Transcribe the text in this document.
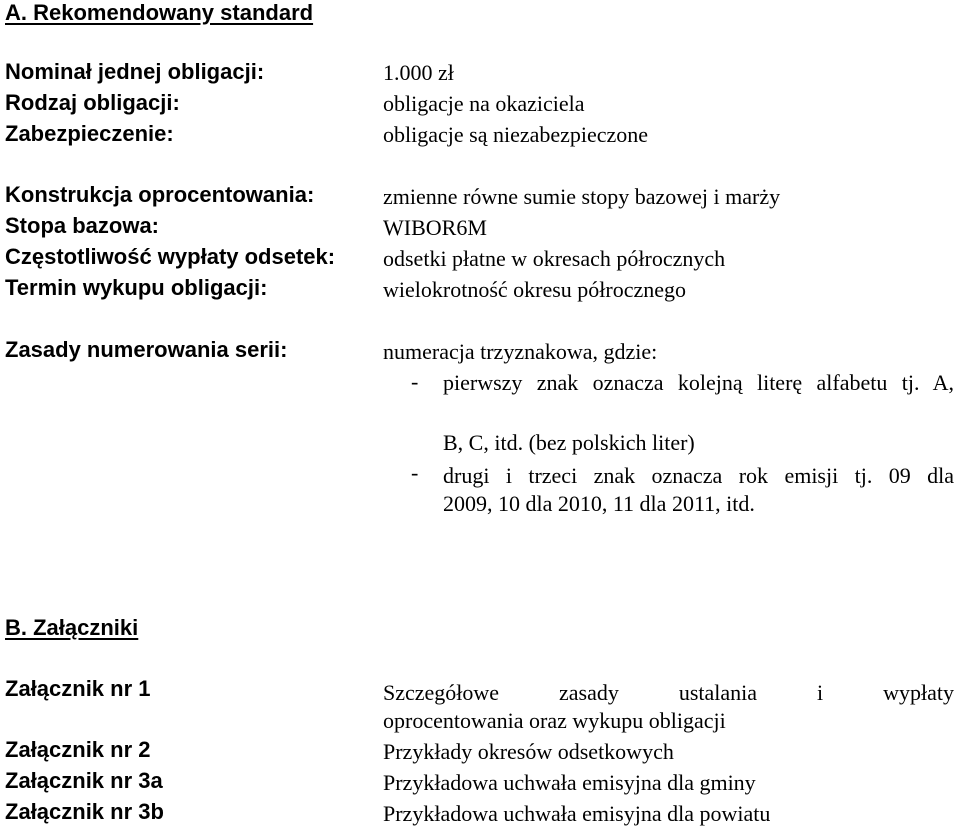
A. Rekomendowany standard
Nominał jednej obligacji:	1.000 zł
Rodzaj obligacji:	obligacje na okaziciela
Zabezpieczenie:	obligacje są niezabezpieczone
Konstrukcja oprocentowania:	zmienne równe sumie stopy bazowej i marży
Stopa bazowa:	WIBOR6M
Częstotliwość wypłaty odsetek: odsetki płatne w okresach półrocznych
Termin wykupu obligacji:	wielokrotność okresu półrocznego
Zasady numerowania serii:	numeracja trzyznakowa, gdzie:
- pierwszy znak oznacza kolejną literę alfabetu tj. A,
B, C, itd. (bez polskich liter)
- drugi i trzeci znak oznacza rok emisji tj. 09 dla
2009, 10 dla 2010, 11 dla 2011, itd.
B. Załączniki
Załącznik nr 1	Szczegółowe zasady ustalania i wypłaty
oprocentowania oraz wykupu obligacji
Załącznik nr 2	Przykłady okresów odsetkowych
Załącznik nr 3a	Przykładowa uchwała emisyjna dla gminy
Załącznik nr 3b	Przykładowa uchwała emisyjna dla powiatu
